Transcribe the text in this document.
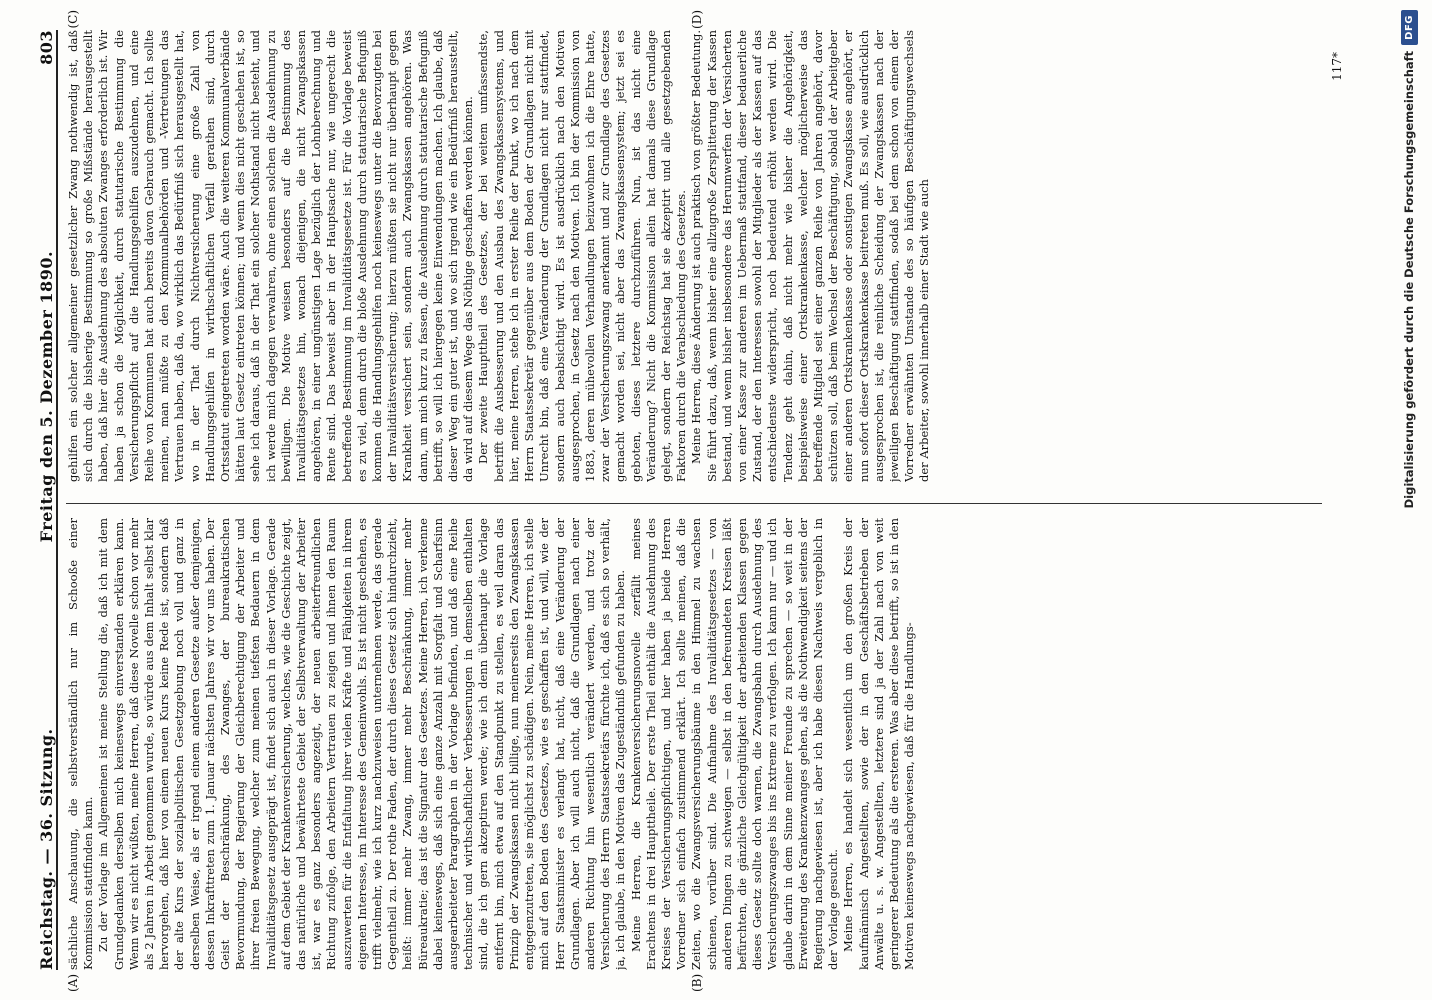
Reichstag. — 36. Sitzung.
Freitag den 5. Dezember 1890.
803
(A)	(B)
(C)	(D)

sächliche Anschauung, die selbstverständlich nur im Schooße einer Kommission stattfinden kann. Zu der Vorlage im Allgemeinen ist meine Stellung die, daß ich mit dem Grundgedanken derselben mich keineswegs einverstanden erklären kann. Wenn wir es nicht wüßten, meine Herren, daß diese Novelle schon vor mehr als 2 Jahren in Arbeit genommen wurde, so würde aus dem Inhalt selbst klar hervorgehen, daß hier von einem neuen Kurs keine Rede ist, sondern daß der alte Kurs der sozialpolitischen Gesetzgebung noch voll und ganz in derselben Weise, als er irgend einem anderen Gesetze außer demjenigen, dessen Inkrafttreten zum 1. Januar nächsten Jahres wir vor uns haben. Der Geist der Beschränkung, des Zwanges, der bureaukratischen Bevormundung, der Regierung der Gleichberechtigung der Arbeiter und ihrer freien Bewegung, welcher zum meinen tiefsten Bedauern in dem Invaliditätsgesetz ausgeprägt ist, findet sich auch in dieser Vorlage. Gerade auf dem Gebiet der Krankenversicherung, welches, wie die Geschichte zeigt, das natürliche und bewährteste Gebiet der Selbstverwaltung der Arbeiter ist, war es ganz besonders angezeigt, der neuen arbeiterfreundlichen Richtung zufolge, den Arbeitern Vertrauen zu zeigen und ihnen den Raum auszuwerten für die Entfaltung ihrer vielen Kräfte und Fähigkeiten in ihrem eigenen Interesse, im Interesse des Gemeinwohls. Es ist nicht geschehen, es trifft vielmehr, wie ich kurz nachzuweisen unternehmen werde, das gerade Gegentheil zu. Der rothe Faden, der durch dieses Gesetz sich hindurchzieht, heißt: immer mehr Zwang, immer mehr Beschränkung, immer mehr Büreaukratie; das ist die Signatur des Gesetzes. Meine Herren, ich verkenne dabei keineswegs, daß sich eine ganze Anzahl mit Sorgfalt und Scharfsinn ausgearbeiteter Paragraphen in der Vorlage befinden, und daß eine Reihe technischer und wirthschaftlicher Verbesserungen in demselben enthalten sind, die ich gern akzeptiren werde; wie ich denn überhaupt die Vorlage entfernt bin, mich etwa auf den Standpunkt zu stellen, es weil daran das Prinzip der Zwangskassen nicht billige, nun meinerseits den Zwangskassen entgegenzutreten, sie möglichst zu schädigen. Nein, meine Herren, ich stelle mich auf den Boden des Gesetzes, wie es geschaffen ist, und will, wie der Herr Staatsminister es verlangt hat, nicht, daß eine Veränderung der Grundlagen. Aber ich will auch nicht, daß die Grundlagen nach einer anderen Richtung hin wesentlich verändert werden, und trotz der Versicherung des Herrn Staatssekretärs fürchte ich, daß es sich so verhält, ja, ich glaube, in den Motiven das Zugeständniß gefunden zu haben. Meine Herren, die Krankenversicherungsnovelle zerfällt meines Erachtens in drei Haupttheile. Der erste Theil enthält die Ausdehnung des Kreises der Versicherungspflichtigen, und hier haben ja beide Herren Vorredner sich einfach zustimmend erklärt. Ich sollte meinen, daß die Zeiten, wo die Zwangsversicherungsbäume in den Himmel zu wachsen schienen, vorüber sind. Die Aufnahme des Invaliditätsgesetzes — von anderen Dingen zu schweigen — selbst in den befreundeten Kreisen läßt befürchten, die gänzliche Gleichgültigkeit der arbeitenden Klassen gegen dieses Gesetz sollte doch warnen, die Zwangsbahn durch Ausdehnung des Versicherungszwanges bis ins Extreme zu verfolgen. Ich kann nur — und ich glaube darin in dem Sinne meiner Freunde zu sprechen — so weit in der Erweiterung des Krankenzwanges gehen, als die Nothwendigkeit seitens der Regierung nachgewiesen ist, aber ich habe diesen Nachweis vergeblich in der Vorlage gesucht. Meine Herren, es handelt sich wesentlich um den großen Kreis der kaufmännisch Angestellten, sowie der in den Geschäftsbetrieben der Anwälte u. s. w. Angestellten, letztere sind ja der Zahl nach von weit geringerer Bedeutung als die ersteren. Was aber diese betrifft, so ist in den Motiven keineswegs nachgewiesen, daß für die Handlungs-

gehilfen ein solcher allgemeiner gesetzlicher Zwang nothwendig ist, daß sich durch die bisherige Bestimmung so große Mißstände herausgestellt haben, daß hier die Ausdehnung des absoluten Zwanges erforderlich ist. Wir haben ja schon die Möglichkeit, durch statutarische Bestimmung die Versicherungspflicht auf die Handlungsgehilfen auszudehnen, und eine Reihe von Kommunen hat auch bereits davon Gebrauch gemacht. Ich sollte meinen, man müßte zu den Kommunalbehörden und -Vertretungen das Vertrauen haben, daß da, wo wirklich das Bedürfniß sich herausgestellt hat, wo in der That durch Nichtversicherung eine große Zahl von Handlungsgehilfen in wirthschaftlichen Verfall gerathen sind, durch Ortsstatut eingetreten worden wäre. Auch die weiteren Kommunalverbände hätten laut Gesetz eintreten können; und wenn dies nicht geschehen ist, so sehe ich daraus, daß in der That ein solcher Nothstand nicht besteht, und ich werde mich dagegen verwahren, ohne einen solchen die Ausdehnung zu bewilligen. Die Motive weisen besonders auf die Bestimmung des Invaliditätsgesetzes hin, wonach diejenigen, die nicht Zwangskassen angehören, in einer ungünstigen Lage bezüglich der Lohnberechnung und Rente sind. Das beweist aber in der Hauptsache nur, wie ungerecht die betreffende Bestimmung im Invaliditätsgesetze ist. Für die Vorlage beweist es zu viel, denn durch die bloße Ausdehnung durch statutarische Befugniß kommen die Handlungsgehilfen noch keineswegs unter die Bevorzugten bei der Invaliditätsversicherung; hierzu müßten sie nicht nur überhaupt gegen Krankheit versichert sein, sondern auch Zwangskassen angehören. Was dann, um mich kurz zu fassen, die Ausdehnung durch statutarische Befugniß betrifft, so will ich hiergegen keine Einwendungen machen. Ich glaube, daß dieser Weg ein guter ist, und wo sich irgend wie ein Bedürfniß herausstellt, da wird auf diesem Wege das Nöthige geschaffen werden können. Der zweite Haupttheil des Gesetzes, der bei weitem umfassendste, betrifft die Ausbesserung und den Ausbau des Zwangskassensystems, und hier, meine Herren, stehe ich in erster Reihe der Punkt, wo ich nach dem Herrn Staatssekretär gegenüber aus dem Boden der Grundlagen nicht mit Unrecht bin, daß eine Veränderung der Grundlagen nicht nur stattfindet, sondern auch beabsichtigt wird. Es ist ausdrücklich nach den Motiven ausgesprochen, in Gesetz nach den Motiven. Ich bin der Kommission von 1883, deren mühevollen Verhandlungen beizuwohnen ich die Ehre hatte, zwar der Versicherungszwang anerkannt und zur Grundlage des Gesetzes gemacht worden sei, nicht aber das Zwangskassensystem; jetzt sei es geboten, dieses letztere durchzuführen. Nun, ist das nicht eine Veränderung? Nicht die Kommission allein hat damals diese Grundlage gelegt, sondern der Reichstag hat sie akzeptirt und alle gesetzgebenden Faktoren durch die Verabschiedung des Gesetzes. Meine Herren, diese Änderung ist auch praktisch von größter Bedeutung. Sie führt dazu, daß, wenn bisher eine allzugroße Zersplitterung der Kassen bestand, und wenn bisher insbesondere das Herumwerfen der Versicherten von einer Kasse zur anderen im Uebermaß stattfand, dieser bedauerliche Zustand, der den Interessen sowohl der Mitglieder als der Kassen auf das entschiedenste widerspricht, noch bedeutend erhöht werden wird. Die Tendenz geht dahin, daß nicht mehr wie bisher die Angehörigkeit, beispielsweise einer Ortskrankenkasse, welcher möglicherweise das betreffende Mitglied seit einer ganzen Reihe von Jahren angehört, davor schützen soll, daß beim Wechsel der Beschäftigung, sobald der Arbeitgeber einer anderen Ortskrankenkasse oder sonstigen Zwangskasse angehört, er nun sofort dieser Ortskrankenkasse beitreten muß. Es soll, wie ausdrücklich ausgesprochen ist, die reinliche Scheidung der Zwangskassen nach der jeweiligen Beschäftigung stattfinden, sodaß bei dem schon von einem der Vorredner erwähnten Umstande des so häufigen Beschäftigungswechsels der Arbeiter, sowohl innerhalb einer Stadt wie auch

117*	Digitalisierung gefördert durch die Deutsche Forschungsgemeinschaft
DFG
